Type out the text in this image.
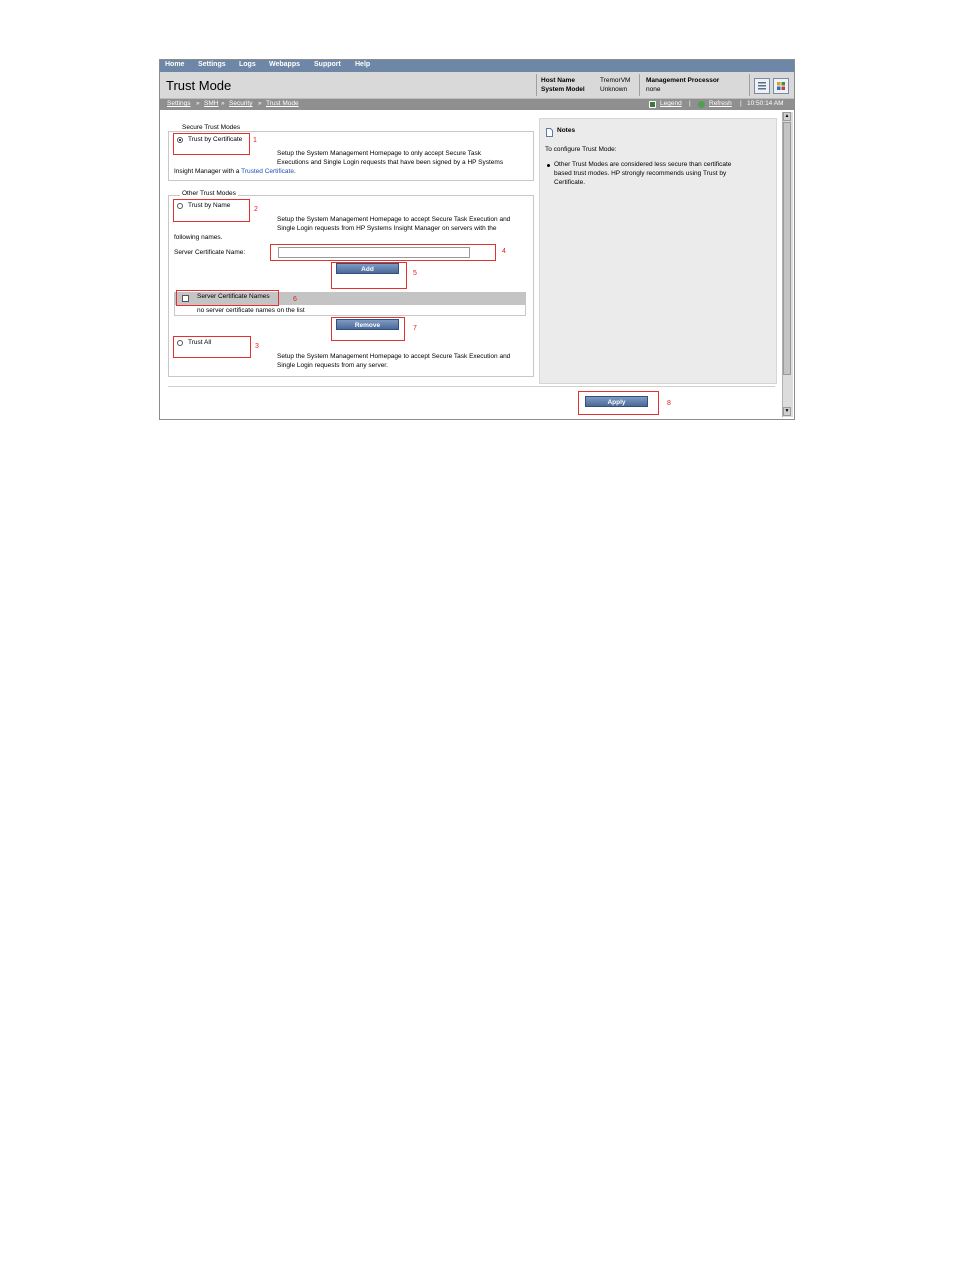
Home Settings Logs Webapps Support Help
Trust Mode	Host Name	TremorVM
System Model Unknown
Management Processor
none
Settings » SMH » Security » Trust Mode	Legend |	Refresh | 10:50:14 AM
Secure Trust Modes
Trust by Certificate 1
Setup the System Management Homepage to only accept Secure Task
Executions and Single Login requests that have been signed by a HP Systems
Insight Manager with a Trusted Certificate.
Other Trust Modes
Trust by Name
2
Setup the System Management Homepage to accept Secure Task Execution and
Single Login requests from HP Systems Insight Manager on servers with the
following names.
Server Certificate Name:	4
Add
5
Server Certificate Names	6
no server certificate names on the list
Remove	7
Trust All
3
Setup the System Management Homepage to accept Secure Task Execution and
Single Login requests from any server.
Notes
To configure Trust Mode:
Other Trust Modes are considered less secure than certificate
based trust modes. HP strongly recommends using Trust by
Certificate.
Apply	8
▲
▼
